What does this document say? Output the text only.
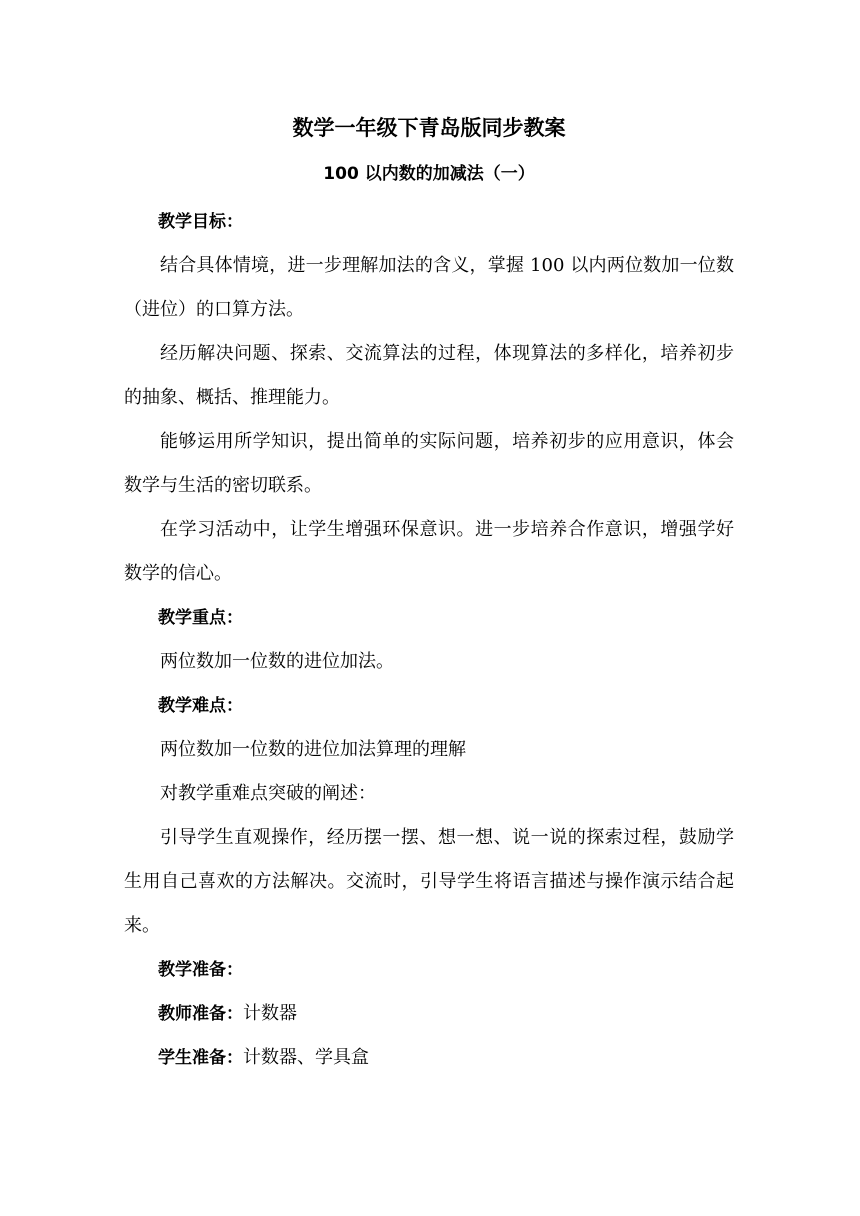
数学一年级下青岛版同步教案
100 以内数的加减法（一）

教学目标：

结合具体情境，进一步理解加法的含义，掌握 100 以内两位数加一位数（进位）的口算方法。

经历解决问题、探索、交流算法的过程，体现算法的多样化，培养初步的抽象、概括、推理能力。

能够运用所学知识，提出简单的实际问题，培养初步的应用意识，体会数学与生活的密切联系。

在学习活动中，让学生增强环保意识。进一步培养合作意识，增强学好数学的信心。

教学重点：

两位数加一位数的进位加法。

教学难点：

两位数加一位数的进位加法算理的理解

对教学重难点突破的阐述：

引导学生直观操作，经历摆一摆、想一想、说一说的探索过程，鼓励学生用自己喜欢的方法解决。交流时，引导学生将语言描述与操作演示结合起来。

教学准备：

教师准备：计数器

学生准备：计数器、学具盒
